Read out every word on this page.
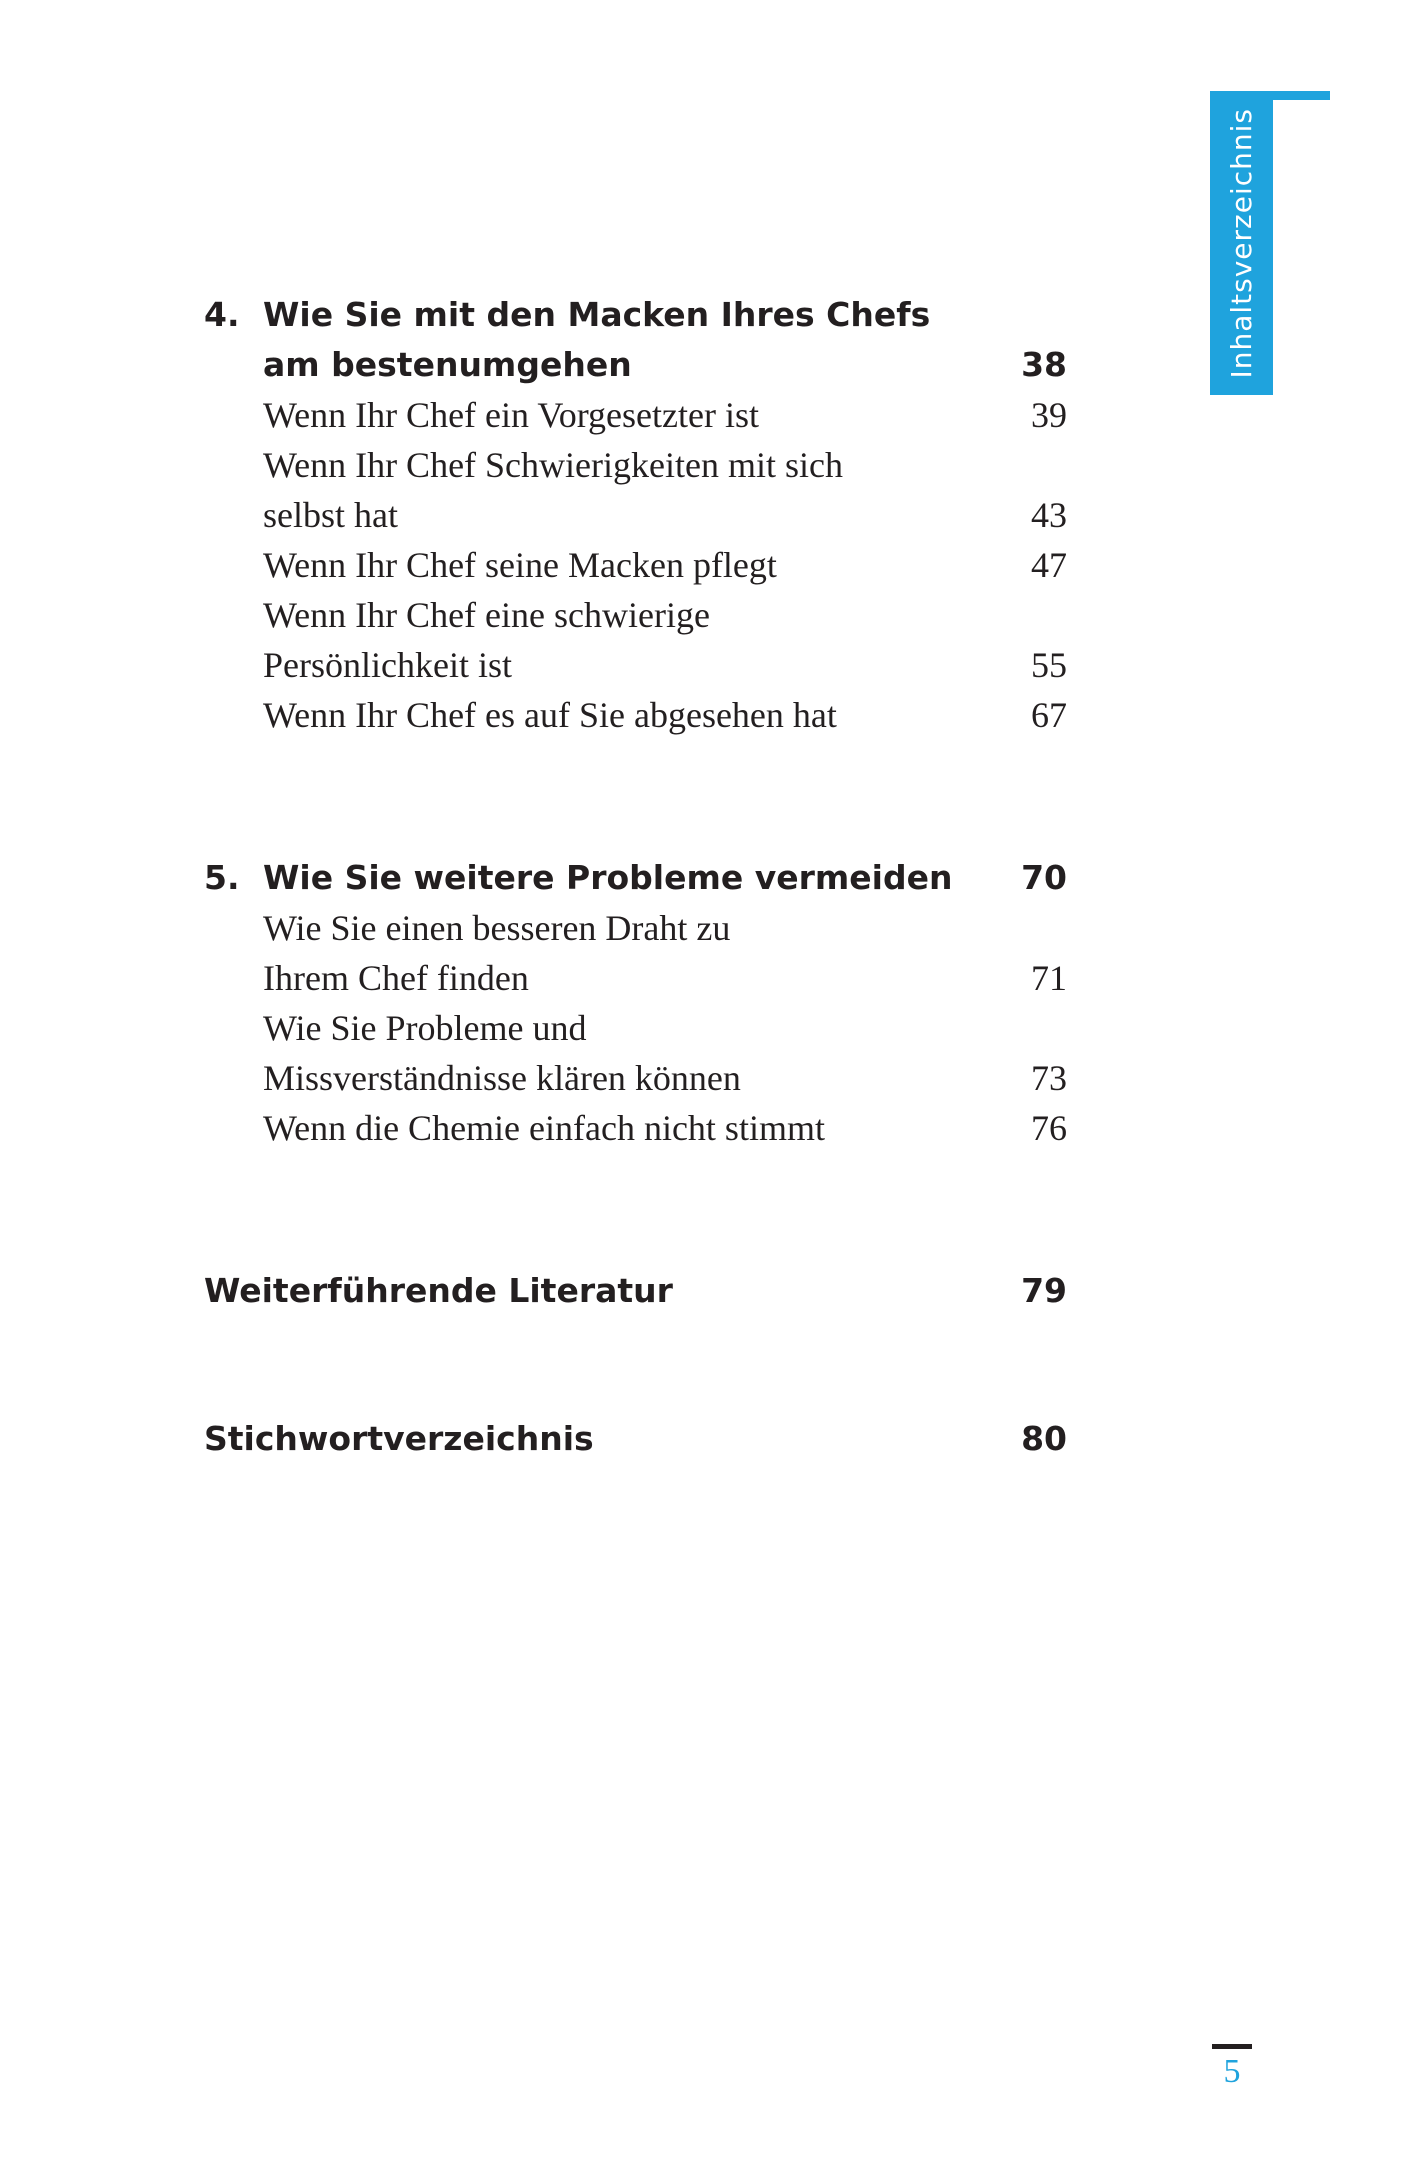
Inhaltsverzeichnis
4. Wie Sie mit den Macken Ihres Chefs
am bestenumgehen	38
Wenn Ihr Chef ein Vorgesetzter ist	39
Wenn Ihr Chef Schwierigkeiten mit sich
selbst hat	43
Wenn Ihr Chef seine Macken pflegt	47
Wenn Ihr Chef eine schwierige
Persönlichkeit ist	55
Wenn Ihr Chef es auf Sie abgesehen hat	67
5. Wie Sie weitere Probleme vermeiden 70
Wie Sie einen besseren Draht zu
Ihrem Chef finden	71
Wie Sie Probleme und
Missverständnisse klären können	73
Wenn die Chemie einfach nicht stimmt	76
Weiterführende Literatur	79
Stichwortverzeichnis	80
5
